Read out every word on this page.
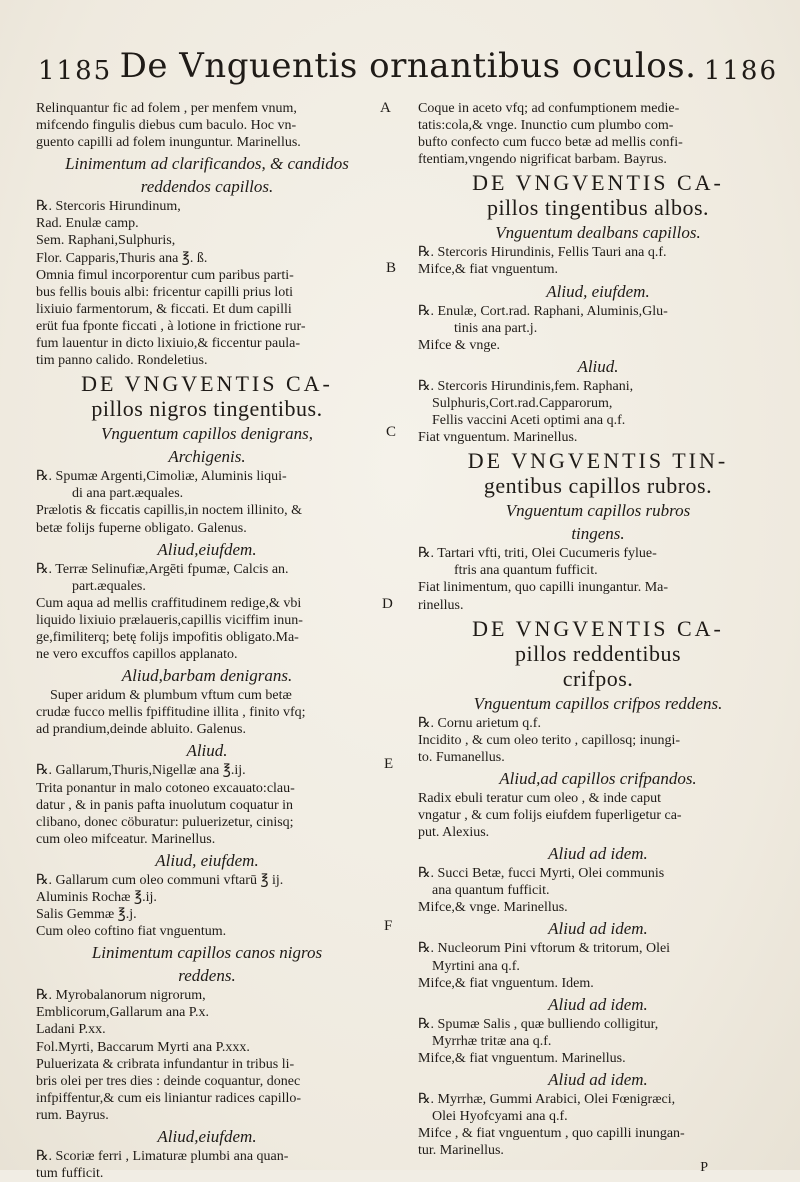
1185 De Vnguentis ornantibus oculos. 1186
A
B
C
D
E
F

Relinquantur fic ad folem , per menfem vnum,

mifcendo fingulis diebus cum baculo. Hoc vn-

guento capilli ad folem inunguntur. Marinellus.

Linimentum ad clarificandos, & candidos

reddendos capillos.

℞. Stercoris Hirundinum,

Rad. Enulæ camp.

Sem. Raphani,Sulphuris,

Flor. Capparis,Thuris ana ℥. ß.

Omnia fimul incorporentur cum paribus parti-

bus fellis bouis albi: fricentur capilli prius loti

lixiuio farmentorum, & ficcati. Et dum capilli

erüt fua fponte ficcati , à lotione in frictione rur-

fum lauentur in dicto lixiuio,& ficcentur paula-

tim panno calido. Rondeletius.

DE VNGVENTIS CA-

pillos nigros tingentibus.

Vnguentum capillos denigrans,

Archigenis.

℞. Spumæ Argenti,Cimoliæ, Aluminis liqui-

di ana part.æquales.

Prælotis & ficcatis capillis,in noctem illinito, &

betæ folijs fuperne obligato. Galenus.

Aliud,eiufdem.

℞. Terræ Selinufiæ,Argēti fpumæ, Calcis an.

part.æquales.

Cum aqua ad mellis craffitudinem redige,& vbi

liquido lixiuio prælaueris,capillis viciffim inun-

ge,fimiliterq; betę folijs impofitis obligato.Ma-

ne vero excuffos capillos applanato.

Aliud,barbam denigrans.

Super aridum & plumbum vftum cum betæ

crudæ fucco mellis fpiffitudine illita , finito vfq;

ad prandium,deinde abluito. Galenus.

Aliud.

℞. Gallarum,Thuris,Nigellæ ana ℥.ij.

Trita ponantur in malo cotoneo excauato:clau-

datur , & in panis pafta inuolutum coquatur in

clibano, donec cöburatur: puluerizetur, cinisq;

cum oleo mifceatur. Marinellus.

Aliud, eiufdem.

℞. Gallarum cum oleo communi vftarū ℥ ij.

Aluminis Rochæ ℥.ij.

Salis Gemmæ ℥.j.

Cum oleo coftino fiat vnguentum.

Linimentum capillos canos nigros

reddens.

℞. Myrobalanorum nigrorum,

Emblicorum,Gallarum ana P.x.

Ladani P.xx.

Fol.Myrti, Baccarum Myrti ana P.xxx.

Puluerizata & cribrata infundantur in tribus li-

bris olei per tres dies : deinde coquantur, donec

infpiffentur,& cum eis liniantur radices capillo-

rum. Bayrus.

Aliud,eiufdem.

℞. Scoriæ ferri , Limaturæ plumbi ana quan-

tum fufficit.

Coque in aceto vfq; ad confumptionem medie-

tatis:cola,& vnge. Inunctio cum plumbo com-

bufto confecto cum fucco betæ ad mellis confi-

ftentiam,vngendo nigrificat barbam. Bayrus.

DE VNGVENTIS CA-

pillos tingentibus albos.

Vnguentum dealbans capillos.

℞. Stercoris Hirundinis, Fellis Tauri ana q.f.

Mifce,& fiat vnguentum.

Aliud, eiufdem.

℞. Enulæ, Cort.rad. Raphani, Aluminis,Glu-

tinis ana part.j.

Mifce & vnge.

Aliud.

℞. Stercoris Hirundinis,fem. Raphani,

Sulphuris,Cort.rad.Capparorum,

Fellis vaccini Aceti optimi ana q.f.

Fiat vnguentum. Marinellus.

DE VNGVENTIS TIN-

gentibus capillos rubros.

Vnguentum capillos rubros

tingens.

℞. Tartari vfti, triti, Olei Cucumeris fylue-

ftris ana quantum fufficit.

Fiat linimentum, quo capilli inungantur. Ma-

rinellus.

DE VNGVENTIS CA-

pillos reddentibus

crifpos.

Vnguentum capillos crifpos reddens.

℞. Cornu arietum q.f.

Incidito , & cum oleo terito , capillosq; inungi-

to. Fumanellus.

Aliud,ad capillos crifpandos.

Radix ebuli teratur cum oleo , & inde caput

vngatur , & cum folijs eiufdem fuperligetur ca-

put. Alexius.

Aliud ad idem.

℞. Succi Betæ, fucci Myrti, Olei communis

ana quantum fufficit.

Mifce,& vnge. Marinellus.

Aliud ad idem.

℞. Nucleorum Pini vftorum & tritorum, Olei

Myrtini ana q.f.

Mifce,& fiat vnguentum. Idem.

Aliud ad idem.

℞. Spumæ Salis , quæ bulliendo colligitur,

Myrrhæ tritæ ana q.f.

Mifce,& fiat vnguentum. Marinellus.

Aliud ad idem.

℞. Myrrhæ, Gummi Arabici, Olei Fœnigræci,

Olei Hyofcyami ana q.f.

Mifce , & fiat vnguentum , quo capilli inungan-

tur. Marinellus.

P
